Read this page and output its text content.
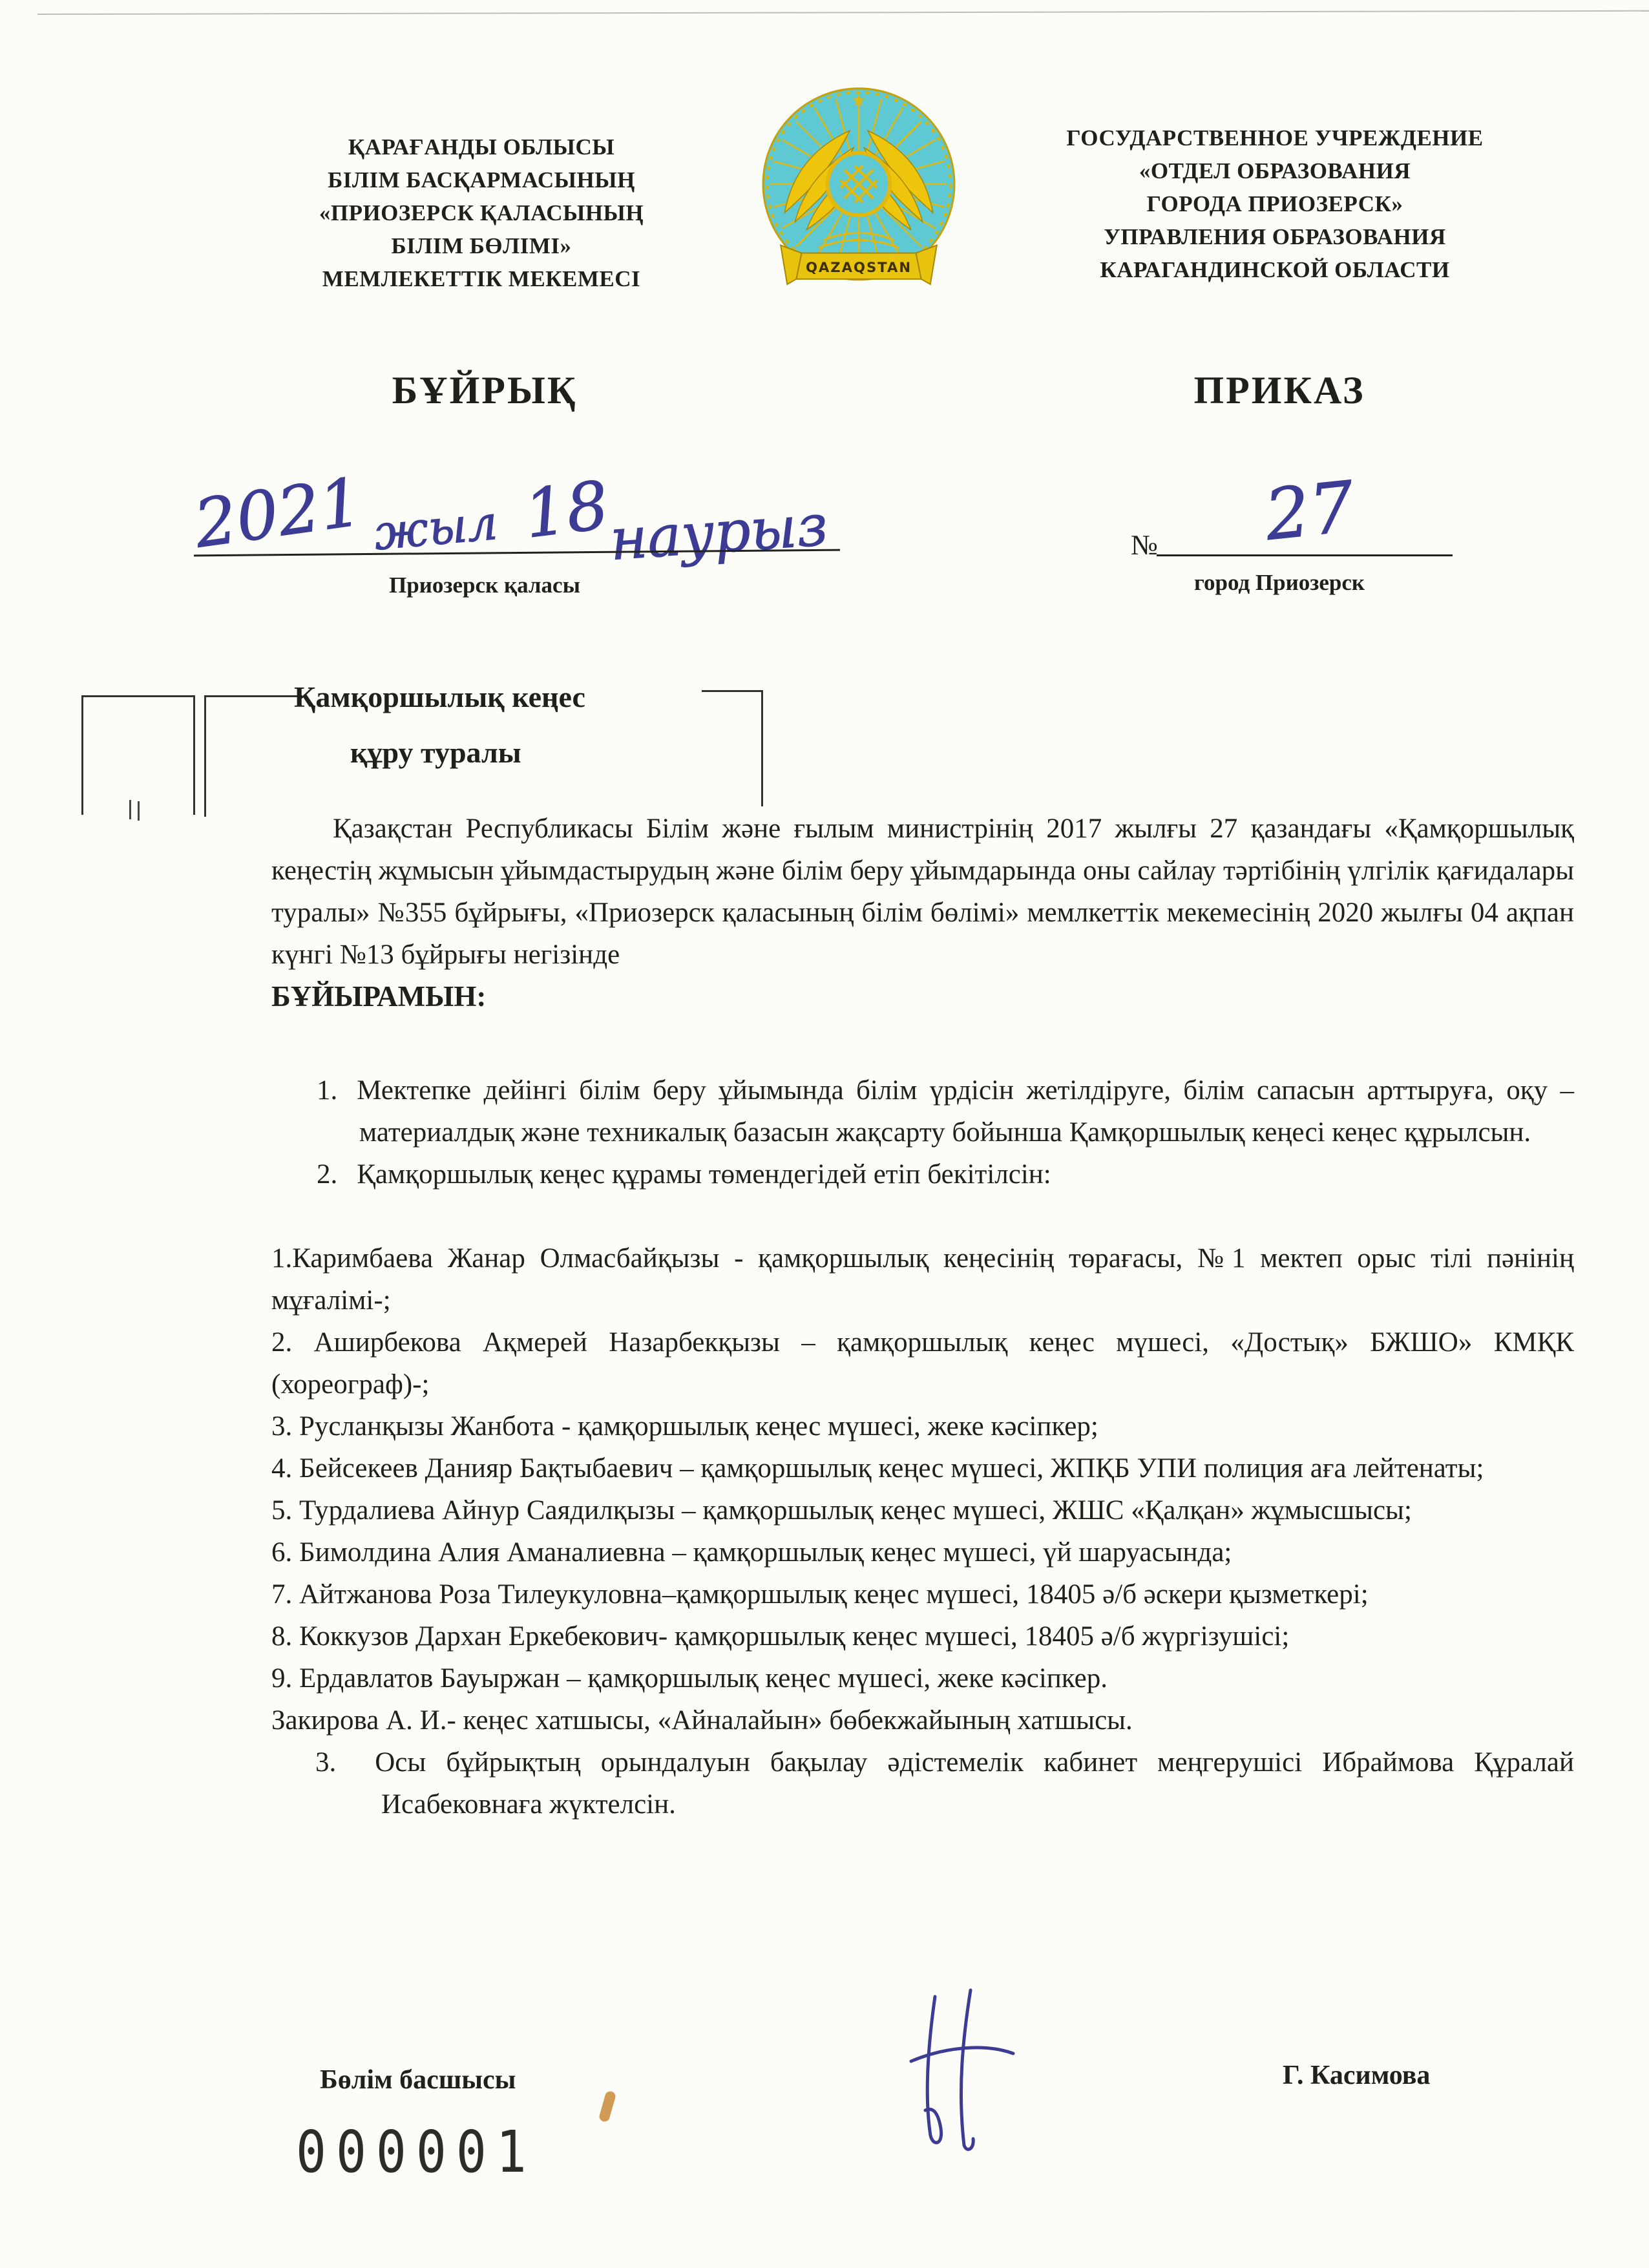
ҚАРАҒАНДЫ ОБЛЫСЫ
БІЛІМ БАСҚАРМАСЫНЫҢ
«ПРИОЗЕРСК ҚАЛАСЫНЫҢ
БІЛІМ БӨЛІМІ»
МЕМЛЕКЕТТІК МЕКЕМЕСІ
★
QAZAQSTAN
ГОСУДАРСТВЕННОЕ УЧРЕЖДЕНИЕ
«ОТДЕЛ ОБРАЗОВАНИЯ
ГОРОДА ПРИОЗЕРСК»
УПРАВЛЕНИЯ ОБРАЗОВАНИЯ
КАРАГАНДИНСКОЙ ОБЛАСТИ
БҰЙРЫҚ	ПРИКАЗ
2021 жыл 18
наурыз
Приозерск қаласы
№ 27
город Приозерск
Қамқоршылық кеңес
құру туралы

Қазақстан Республикасы Білім және ғылым министрінің 2017 жылғы 27 қазандағы «Қамқоршылық кеңестің жұмысын ұйымдастырудың және білім беру ұйымдарында оны сайлау тәртібінің үлгілік қағидалары туралы» №355 бұйрығы, «Приозерск қаласының білім бөлімі» мемлкеттік мекемесінің 2020 жылғы 04 ақпан күнгі №13 бұйрығы негізінде

БҰЙЫРАМЫН:

1. Мектепке дейінгі білім беру ұйымында білім үрдісін жетілдіруге, білім сапасын арттыруға, оқу – материалдық және техникалық базасын жақсарту бойынша Қамқоршылық кеңесі кеңес құрылсын.

2. Қамқоршылық кеңес құрамы төмендегідей етіп бекітілсін:

1.Каримбаева Жанар Олмасбайқызы - қамқоршылық кеңесінің төрағасы, №1 мектеп орыс тілі пәнінің мұғалімі-;

2. Аширбекова Ақмерей Назарбекқызы – қамқоршылық кеңес мүшесі, «Достық» БЖШО» КМҚК (хореограф)-;

3. Русланқызы Жанбота - қамқоршылық кеңес мүшесі, жеке кәсіпкер;

4. Бейсекеев Данияр Бақтыбаевич – қамқоршылық кеңес мүшесі, ЖПҚБ УПИ полиция аға лейтенаты;

5. Турдалиева Айнур Саядилқызы – қамқоршылық кеңес мүшесі, ЖШС «Қалқан» жұмысшысы;

6. Бимолдина Алия Аманалиевна – қамқоршылық кеңес мүшесі, үй шаруасында;

7. Айтжанова Роза Тилеукуловна–қамқоршылық кеңес мүшесі, 18405 ә/б әскери қызметкері;

8. Коккузов Дархан Еркебекович- қамқоршылық кеңес мүшесі, 18405 ә/б жүргізушісі;

9. Ердавлатов Бауыржан – қамқоршылық кеңес мүшесі, жеке кәсіпкер.

Закирова А. И.- кеңес хатшысы, «Айналайын» бөбекжайының хатшысы.

3. Осы бұйрықтың орындалуын бақылау әдістемелік кабинет меңгерушісі Ибраймова Құралай Исабековнаға жүктелсін.

Бөлім басшысы	Г. Касимова
000001
